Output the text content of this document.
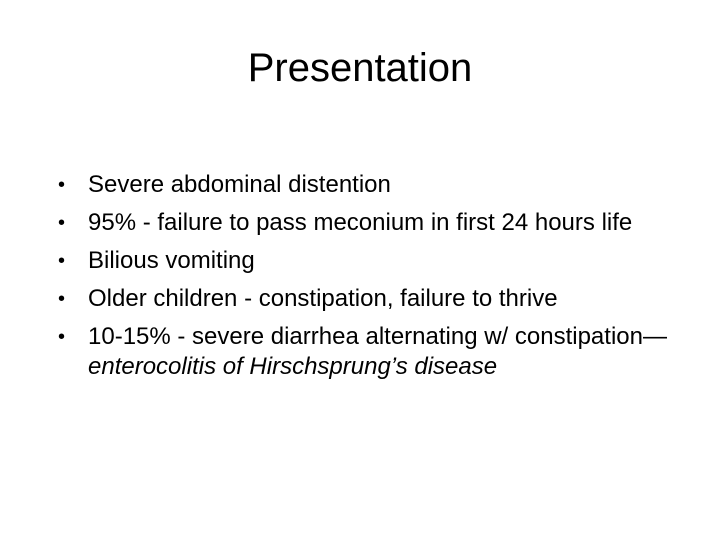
Presentation
• Severe abdominal distention
• 95% - failure to pass meconium in first 24 hours life
• Bilious vomiting
• Older children - constipation, failure to thrive
• 10-15% - severe diarrhea alternating w/ constipation—enterocolitis of Hirschsprung’s disease
